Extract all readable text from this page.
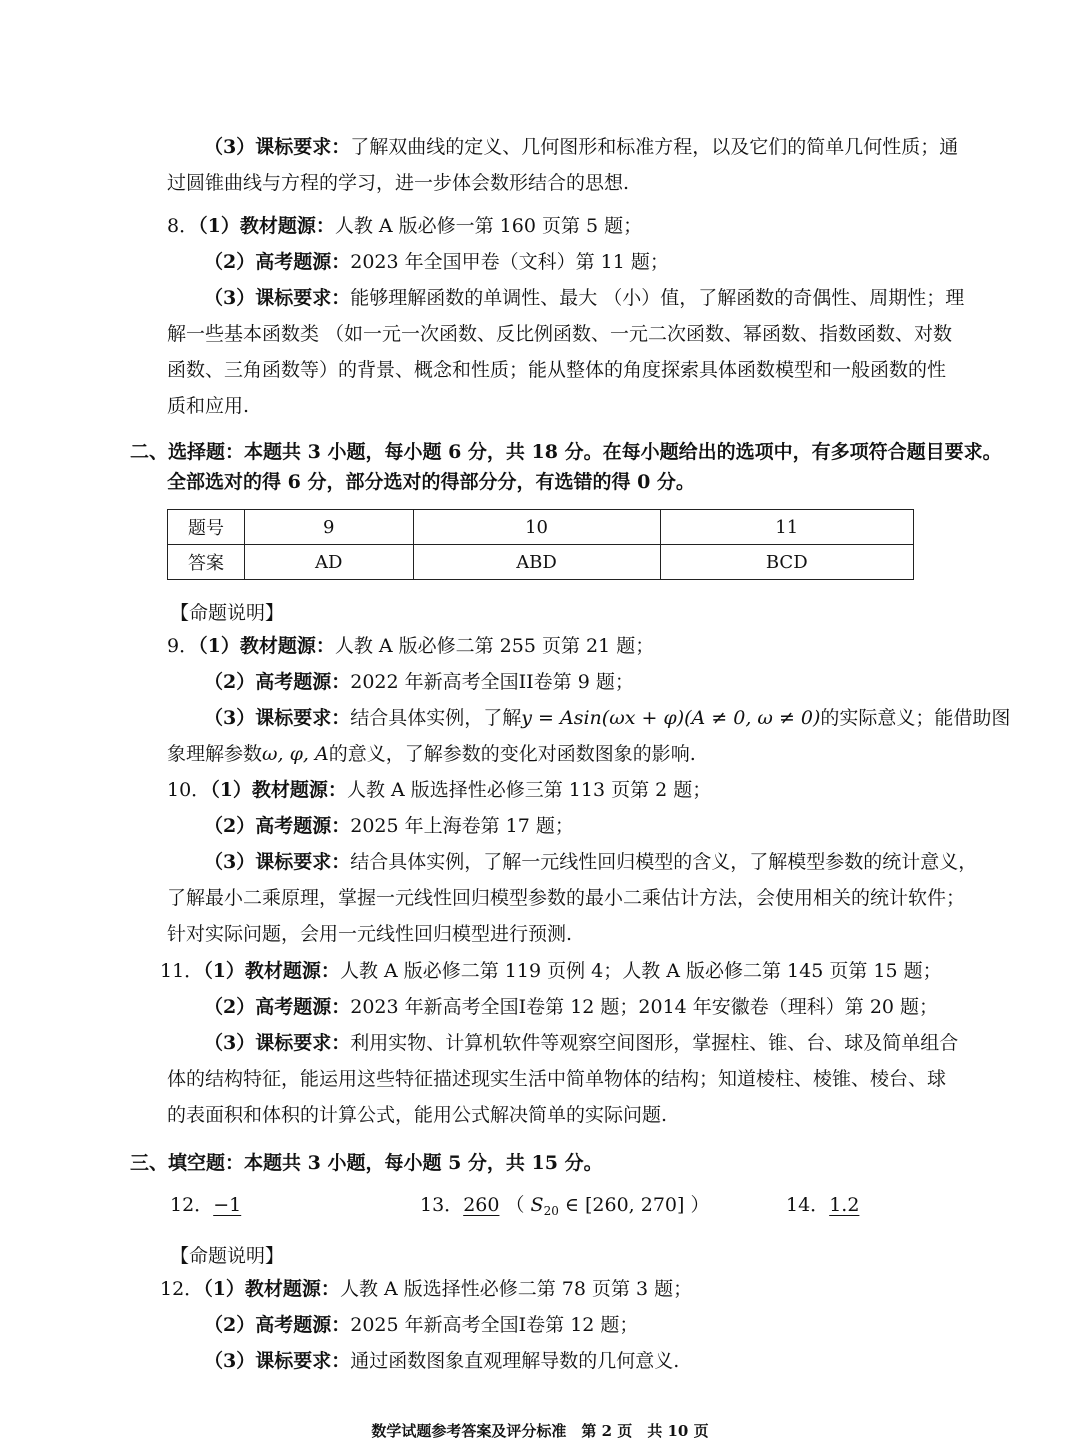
（3）课标要求：了解双曲线的定义、几何图形和标准方程，以及它们的简单几何性质；通
过圆锥曲线与方程的学习，进一步体会数形结合的思想.
8．（1）教材题源：人教 A 版必修一第 160 页第 5 题；
（2）高考题源：2023 年全国甲卷（文科）第 11 题；
（3）课标要求：能够理解函数的单调性、最大 （小）值，了解函数的奇偶性、周期性；理
解一些基本函数类 （如一元一次函数、反比例函数、一元二次函数、幂函数、指数函数、对数
函数、三角函数等）的背景、概念和性质；能从整体的角度探索具体函数模型和一般函数的性
质和应用.
二、选择题：本题共 3 小题，每小题 6 分，共 18 分。在每小题给出的选项中，有多项符合题目要求。
全部选对的得 6 分，部分选对的得部分分，有选错的得 0 分。
题号	9	10	11
答案	AD	ABD	BCD
【命题说明】
9．（1）教材题源：人教 A 版必修二第 255 页第 21 题；
（2）高考题源：2022 年新高考全国II卷第 9 题；
（3）课标要求：结合具体实例，了解y = Asin(ωx + φ)(A ≠ 0, ω ≠ 0)的实际意义；能借助图
象理解参数ω, φ, A的意义，了解参数的变化对函数图象的影响.
10．（1）教材题源：人教 A 版选择性必修三第 113 页第 2 题；
（2）高考题源：2025 年上海卷第 17 题；
（3）课标要求：结合具体实例，了解一元线性回归模型的含义，了解模型参数的统计意义，
了解最小二乘原理，掌握一元线性回归模型参数的最小二乘估计方法，会使用相关的统计软件；
针对实际问题，会用一元线性回归模型进行预测.
11．（1）教材题源：人教 A 版必修二第 119 页例 4；人教 A 版必修二第 145 页第 15 题；
（2）高考题源：2023 年新高考全国I卷第 12 题；2014 年安徽卷（理科）第 20 题；
（3）课标要求：利用实物、计算机软件等观察空间图形，掌握柱、锥、台、球及简单组合
体的结构特征，能运用这些特征描述现实生活中简单物体的结构；知道棱柱、棱锥、棱台、球
的表面积和体积的计算公式，能用公式解决简单的实际问题.
三、填空题：本题共 3 小题，每小题 5 分，共 15 分。
12．−1	13．260 （ $S_{20}$ ∈ [260, 270] ）	14．1.2
【命题说明】
12．（1）教材题源：人教 A 版选择性必修二第 78 页第 3 题；
（2）高考题源：2025 年新高考全国I卷第 12 题；
（3）课标要求：通过函数图象直观理解导数的几何意义.
数学试题参考答案及评分标准　第 2 页　共 10 页
